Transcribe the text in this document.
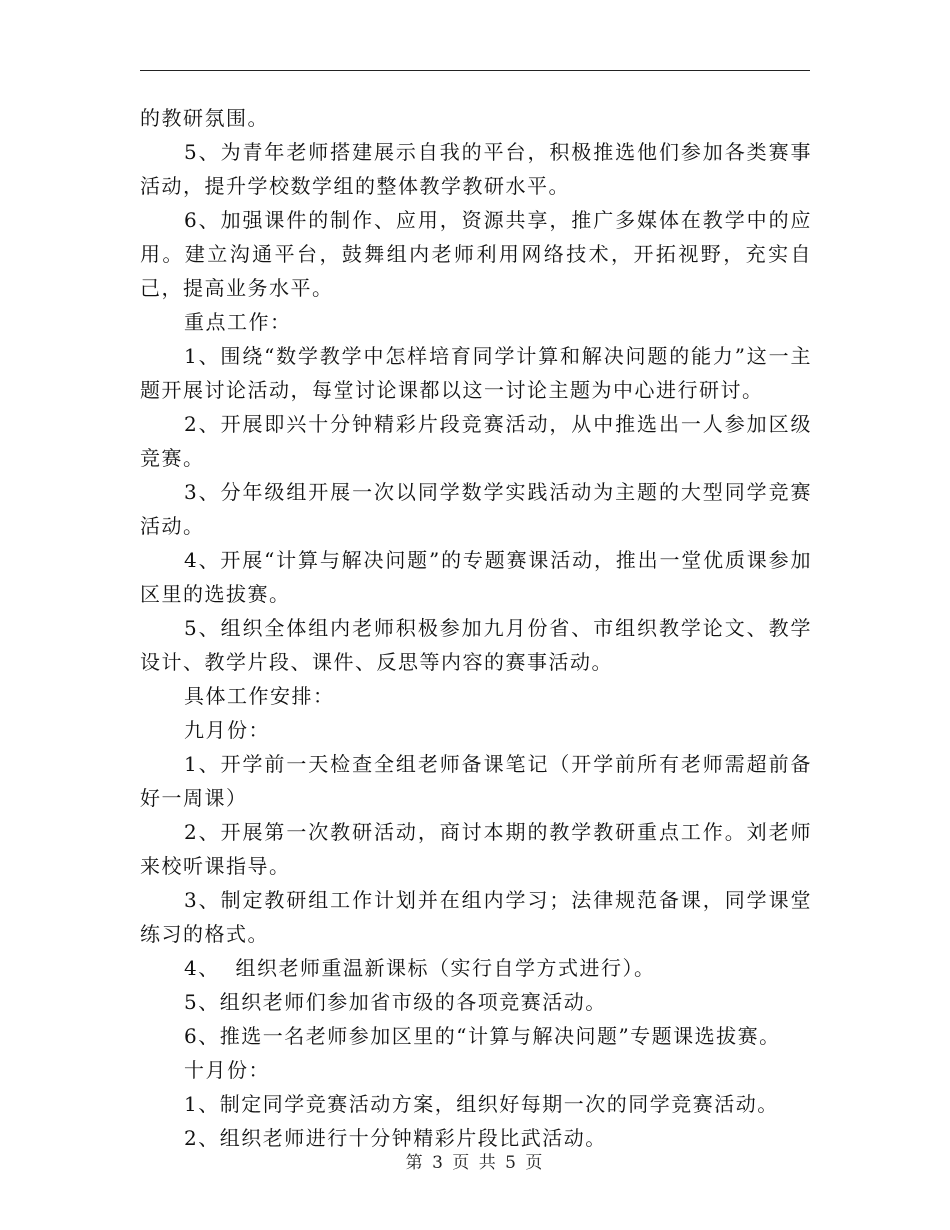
的教研氛围。

5、为青年老师搭建展示自我的平台，积极推选他们参加各类赛事活动，提升学校数学组的整体教学教研水平。

6、加强课件的制作、应用，资源共享，推广多媒体在教学中的应用。建立沟通平台，鼓舞组内老师利用网络技术，开拓视野，充实自己，提高业务水平。

重点工作：

1、围绕“数学教学中怎样培育同学计算和解决问题的能力”这一主题开展讨论活动，每堂讨论课都以这一讨论主题为中心进行研讨。

2、开展即兴十分钟精彩片段竞赛活动，从中推选出一人参加区级竞赛。

3、分年级组开展一次以同学数学实践活动为主题的大型同学竞赛活动。

4、开展“计算与解决问题”的专题赛课活动，推出一堂优质课参加区里的选拔赛。

5、组织全体组内老师积极参加九月份省、市组织教学论文、教学设计、教学片段、课件、反思等内容的赛事活动。

具体工作安排：

九月份：

1、开学前一天检查全组老师备课笔记（开学前所有老师需超前备好一周课）

2、开展第一次教研活动，商讨本期的教学教研重点工作。刘老师来校听课指导。

3、制定教研组工作计划并在组内学习；法律规范备课，同学课堂练习的格式。

4、  组织老师重温新课标（实行自学方式进行）。

5、组织老师们参加省市级的各项竞赛活动。

6、推选一名老师参加区里的“计算与解决问题”专题课选拔赛。

十月份：

1、制定同学竞赛活动方案，组织好每期一次的同学竞赛活动。

2、组织老师进行十分钟精彩片段比武活动。

第 3 页 共 5 页
